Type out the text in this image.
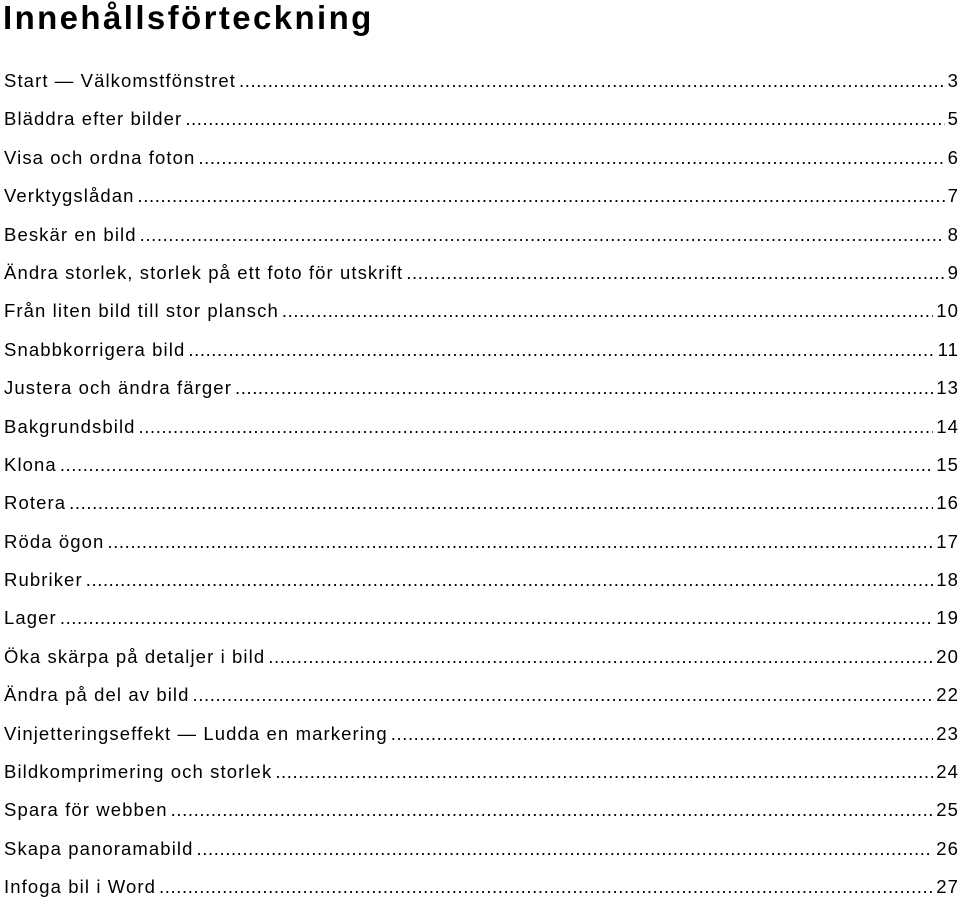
Innehållsförteckning
Start — Välkomstfönstret .....	3
Bläddra efter bilder .....	5
Visa och ordna foton .....	6
Verktygslådan .....	7
Beskär en bild .....	8
Ändra storlek, storlek på ett foto för utskrift .....	9
Från liten bild till stor plansch .....	10
Snabbkorrigera bild .....	11
Justera och ändra färger .....	13
Bakgrundsbild .....	14
Klona .....	15
Rotera .....	16
Röda ögon .....	17
Rubriker .....	18
Lager .....	19
Öka skärpa på detaljer i bild .....	20
Ändra på del av bild .....	22
Vinjetteringseffekt — Ludda en markering .....	23
Bildkomprimering och storlek .....	24
Spara för webben .....	25
Skapa panoramabild .....	26
Infoga bil i Word .....	27
